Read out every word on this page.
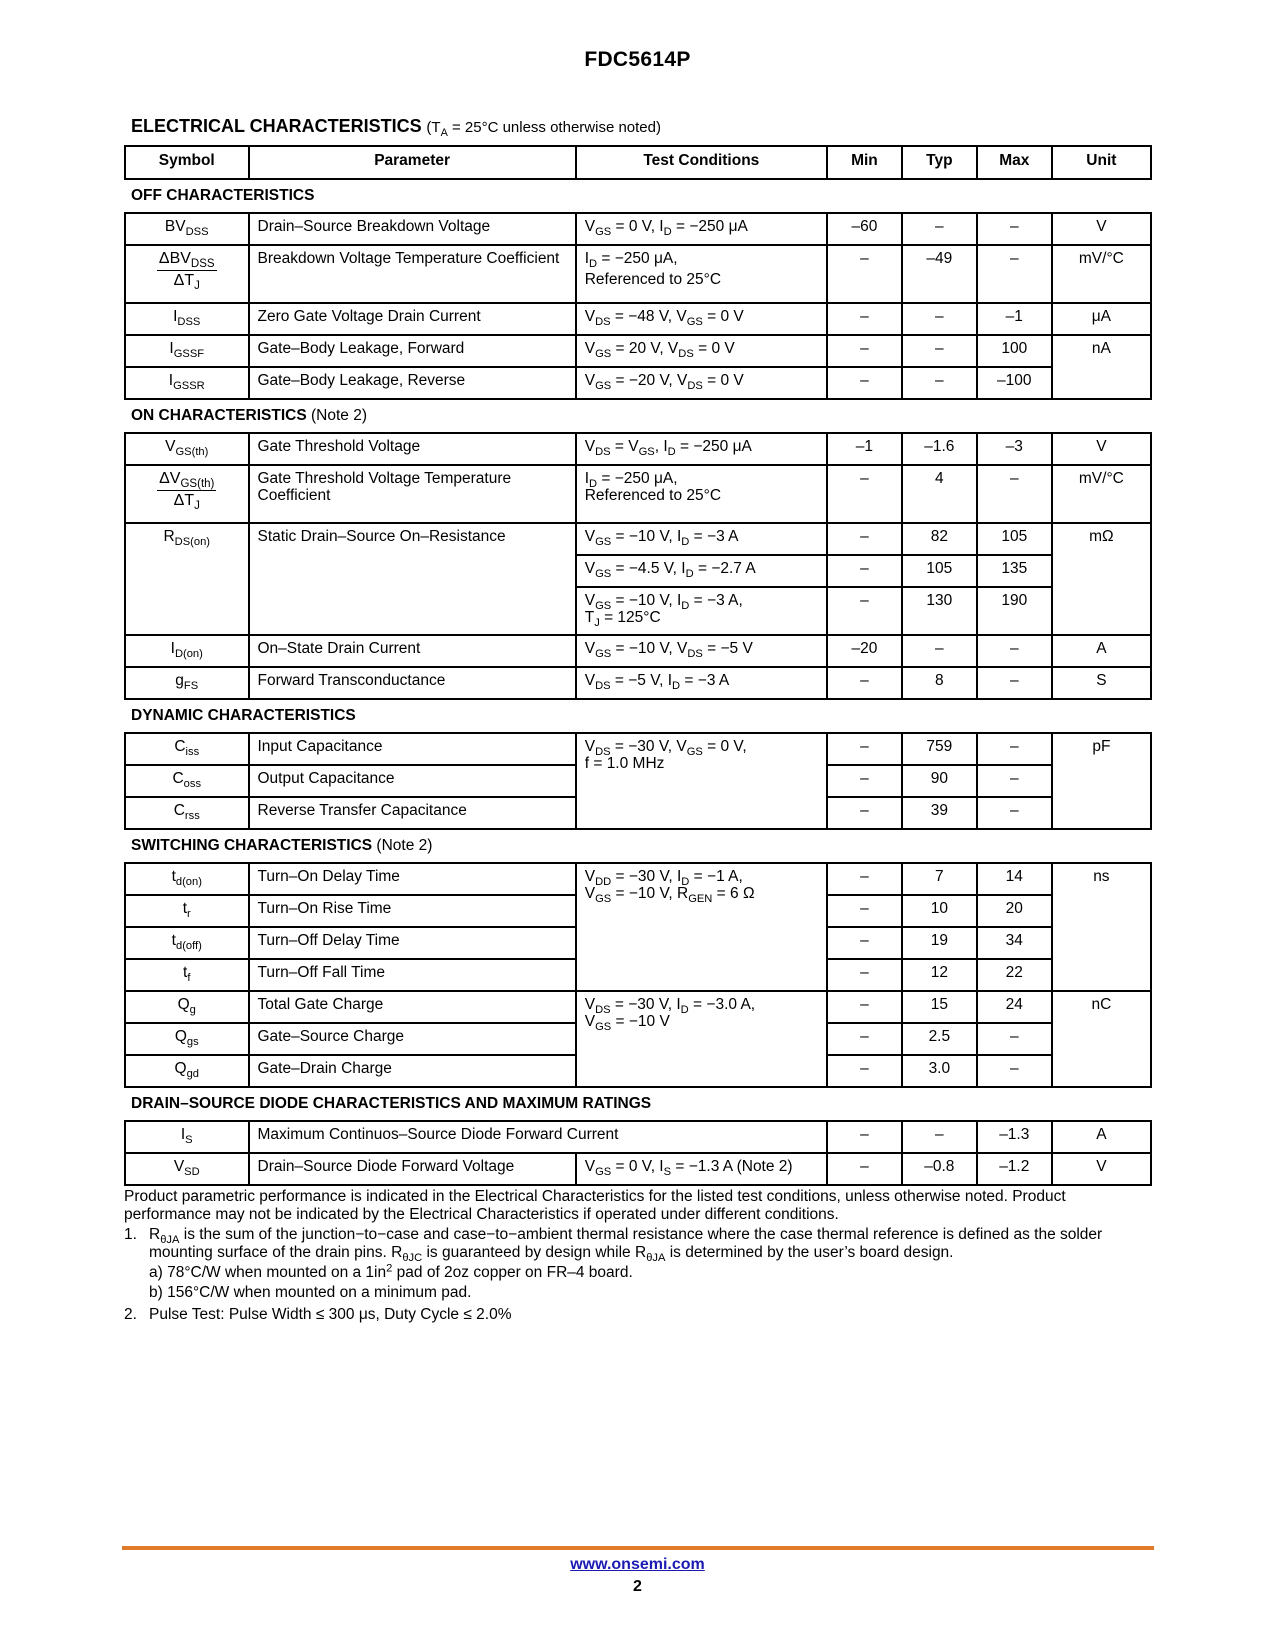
FDC5614P
ELECTRICAL CHARACTERISTICS ($T_A = 25^\circ C$ unless otherwise noted)
Symbol	Parameter	Test Conditions	Min	Typ	Max	Unit
OFF CHARACTERISTICS						
$BV_{DSS}$	Drain–Source Breakdown Voltage	$V_{GS} = 0$ V, $I_D = -250$ μA	–60	–	–	V

$\frac{\Delta BV_{DSS}}{\Delta T_J}$	Breakdown Voltage Temperature Coefficient	$I_D = -250$ μA,
Referenced to 25°C	–	–49	–	mV/°C
$I_{DSS}$	Zero Gate Voltage Drain Current	$V_{DS} = -48$ V, $V_{GS} = 0$ V	–	–	–1	μA
$I_{GSSF}$	Gate–Body Leakage, Forward	$V_{GS} = 20$ V, $V_{DS} = 0$ V	–	–	100	nA
$I_{GSSR}$	Gate–Body Leakage, Reverse	$V_{GS} = -20$ V, $V_{DS} = 0$ V	–	–	–100	
ON CHARACTERISTICS (Note 2)						
$V_{GS(th)}$	Gate Threshold Voltage	$V_{DS} = V_{GS}$, $I_D = -250$ μA	–1	–1.6	–3	V

$\frac{\Delta V_{GS(th)}}{\Delta T_J}$	Gate Threshold Voltage Temperature Coefficient	$I_D = -250$ μA,
Referenced to 25°C	–	4	–	mV/°C
$R_{DS(on)}$	Static Drain–Source On–Resistance	$V_{GS} = -10$ V, $I_D = -3$ A	–	82	105	mΩ
		$V_{GS} = -4.5$ V, $I_D = -2.7$ A	–	105	135	
		$V_{GS} = -10$ V, $I_D = -3$ A,
$T_J = 125^\circ C$	–	130	190	
$I_{D(on)}$	On–State Drain Current	$V_{GS} = -10$ V, $V_{DS} = -5$ V	–20	–	–	A
$g_{FS}$	Forward Transconductance	$V_{DS} = -5$ V, $I_D = -3$ A	–	8	–	S
DYNAMIC CHARACTERISTICS						
$C_{iss}$	Input Capacitance	$V_{DS} = -30$ V, $V_{GS} = 0$ V,
f = 1.0 MHz	–	759	–	pF
$C_{oss}$	Output Capacitance		–	90	–	
$C_{rss}$	Reverse Transfer Capacitance		–	39	–	
SWITCHING CHARACTERISTICS (Note 2)						
$t_{d(on)}$	Turn–On Delay Time	$V_{DD} = -30$ V, $I_D = -1$ A,
$V_{GS} = -10$ V, $R_{GEN} = 6$ Ω	–	7	14	ns
$t_r$	Turn–On Rise Time		–	10	20	
$t_{d(off)}$	Turn–Off Delay Time		–	19	34	
$t_f$	Turn–Off Fall Time		–	12	22	
$Q_g$	Total Gate Charge	$V_{DS} = -30$ V, $I_D = -3.0$ A,
$V_{GS} = -10$ V	–	15	24	nC
$Q_{gs}$	Gate–Source Charge		–	2.5	–	
$Q_{gd}$	Gate–Drain Charge		–	3.0	–	
DRAIN–SOURCE DIODE CHARACTERISTICS AND MAXIMUM RATINGS						
$I_S$	Maximum Continuos–Source Diode Forward Current		–	–	–1.3	A
$V_{SD}$	Drain–Source Diode Forward Voltage	$V_{GS} = 0$ V, $I_S = -1.3$ A (Note 2)	–	–0.8	–1.2	V

Product parametric performance is indicated in the Electrical Characteristics for the listed test conditions, unless otherwise noted. Product performance may not be indicated by the Electrical Characteristics if operated under different conditions.

1. $R_{\theta JA}$ is the sum of the junction−to−case and case−to−ambient thermal resistance where the case thermal reference is defined as the solder mounting surface of the drain pins. $R_{\theta JC}$ is guaranteed by design while $R_{\theta JA}$ is determined by the user’s board design.
a) 78°C/W when mounted on a $1in^2$ pad of 2oz copper on FR–4 board.
b) 156°C/W when mounted on a minimum pad.
2. Pulse Test: Pulse Width ≤ 300 μs, Duty Cycle ≤ 2.0%
www.onsemi.com
2
